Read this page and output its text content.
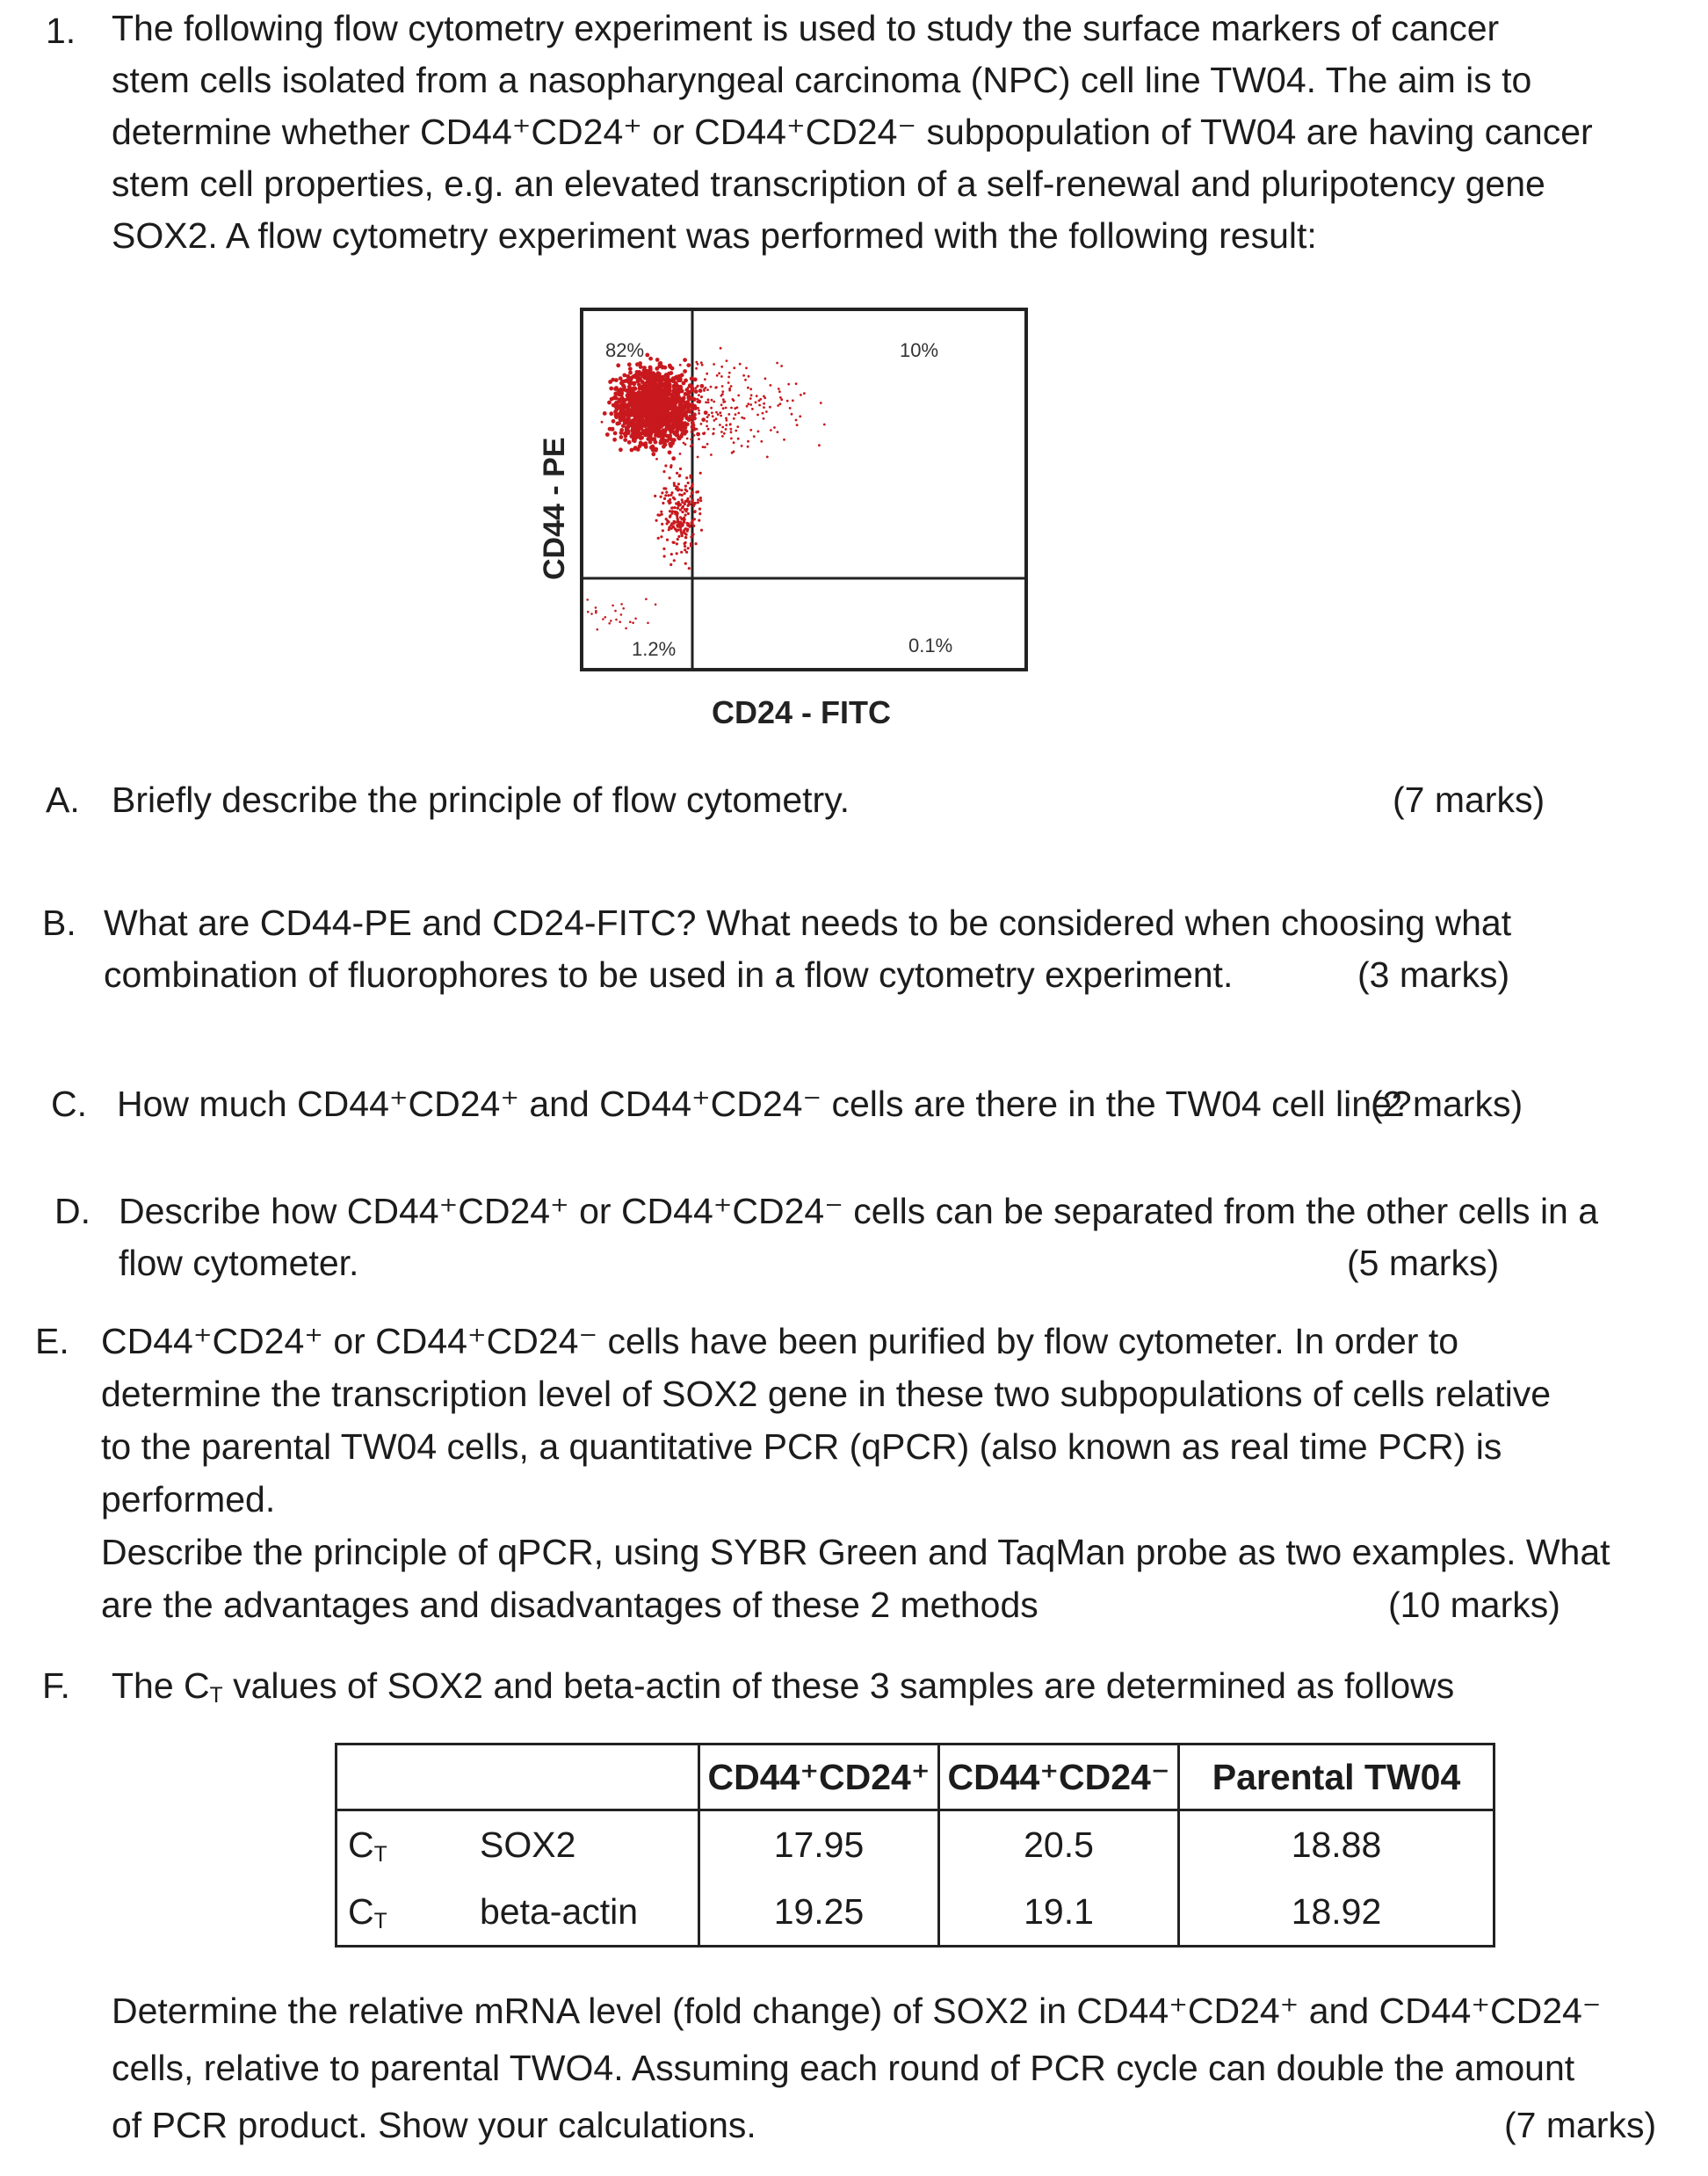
1. The following flow cytometry experiment is used to study the surface markers of cancer
stem cells isolated from a nasopharyngeal carcinoma (NPC) cell line TW04. The aim is to
determine whether CD44⁺CD24⁺ or CD44⁺CD24⁻ subpopulation of TW04 are having cancer
stem cell properties, e.g. an elevated transcription of a self-renewal and pluripotency gene
SOX2. A flow cytometry experiment was performed with the following result:
82%	10%
1.2%	0.1%
CD44 - PE
CD24 - FITC
A. Briefly describe the principle of flow cytometry.	(7 marks)
B. What are CD44-PE and CD24-FITC? What needs to be considered when choosing what
combination of fluorophores to be used in a flow cytometry experiment.	(3 marks)
C. How much CD44⁺CD24⁺ and CD44⁺CD24⁻ cells are there in the TW04 cell line?
(2 marks)
D. Describe how CD44⁺CD24⁺ or CD44⁺CD24⁻ cells can be separated from the other cells in a
flow cytometer.	(5 marks)
E. CD44⁺CD24⁺ or CD44⁺CD24⁻ cells have been purified by flow cytometer. In order to
determine the transcription level of SOX2 gene in these two subpopulations of cells relative
to the parental TW04 cells, a quantitative PCR (qPCR) (also known as real time PCR) is
performed.
Describe the principle of qPCR, using SYBR Green and TaqMan probe as two examples. What
are the advantages and disadvantages of these 2 methods	(10 marks)
F. The $C_T$ values of SOX2 and beta-actin of these 3 samples are determined as follows
	CD44⁺CD24⁺	CD44⁺CD24⁻	Parental TW04

$C_T$ SOX2	17.95	20.5	18.88

$C_T$ beta-actin	19.25	19.1	18.92
Determine the relative mRNA level (fold change) of SOX2 in CD44⁺CD24⁺ and CD44⁺CD24⁻
cells, relative to parental TWO4. Assuming each round of PCR cycle can double the amount
of PCR product. Show your calculations.	(7 marks)
